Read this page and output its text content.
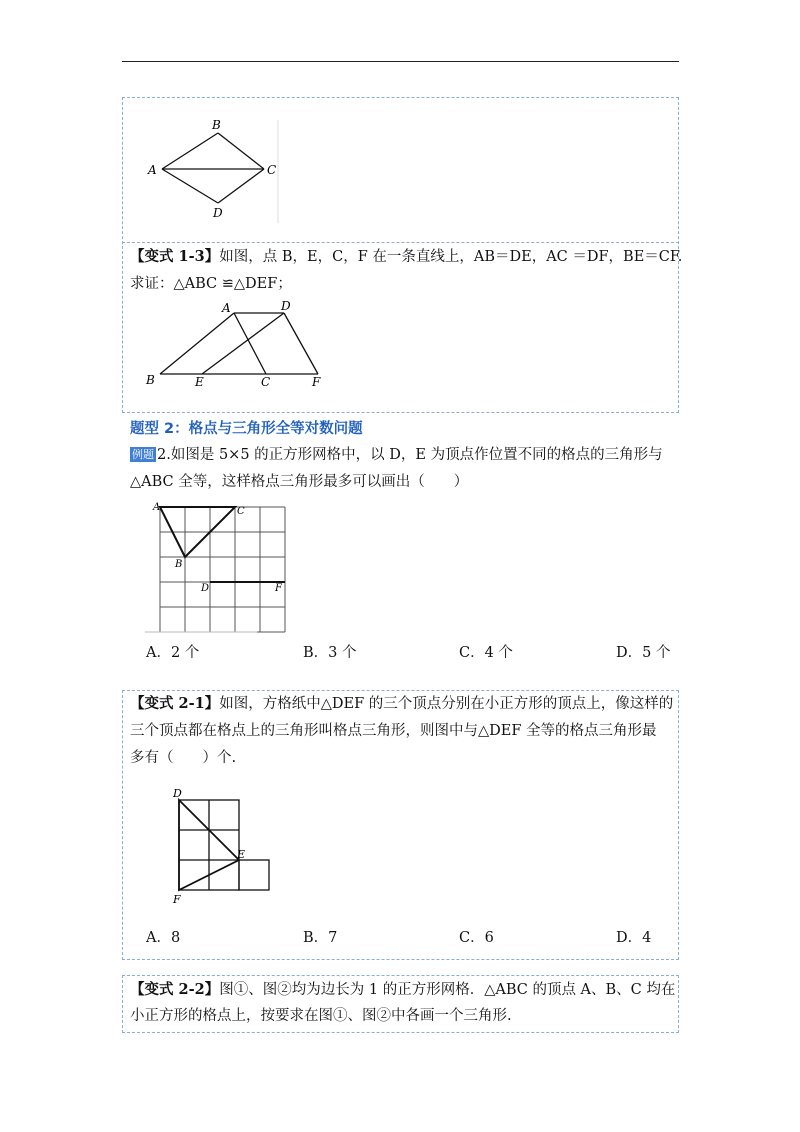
B
A	C
D
【变式 1-3】如图，点 B，E，C，F 在一条直线上，AB＝DE，AC ＝DF，BE＝CF.
求证：△ABC ≌△DEF；
A	D
B	E	C	F
题型 2：格点与三角形全等对数问题
例题 2.如图是 5×5 的正方形网格中，以 D，E 为顶点作位置不同的格点的三角形与
△ABC 全等，这样格点三角形最多可以画出（　　）
A	C
B
D	F
A．2 个	B．3 个	C．4 个	D．5 个
【变式 2-1】如图，方格纸中△DEF 的三个顶点分别在小正方形的顶点上，像这样的
三个顶点都在格点上的三角形叫格点三角形，则图中与△DEF 全等的格点三角形最
多有（　　）个.
D
E
F
A．8	B．7	C．6	D．4
【变式 2-2】图①、图②均为边长为 1 的正方形网格．△ABC 的顶点 A、B、C 均在
小正方形的格点上，按要求在图①、图②中各画一个三角形.
